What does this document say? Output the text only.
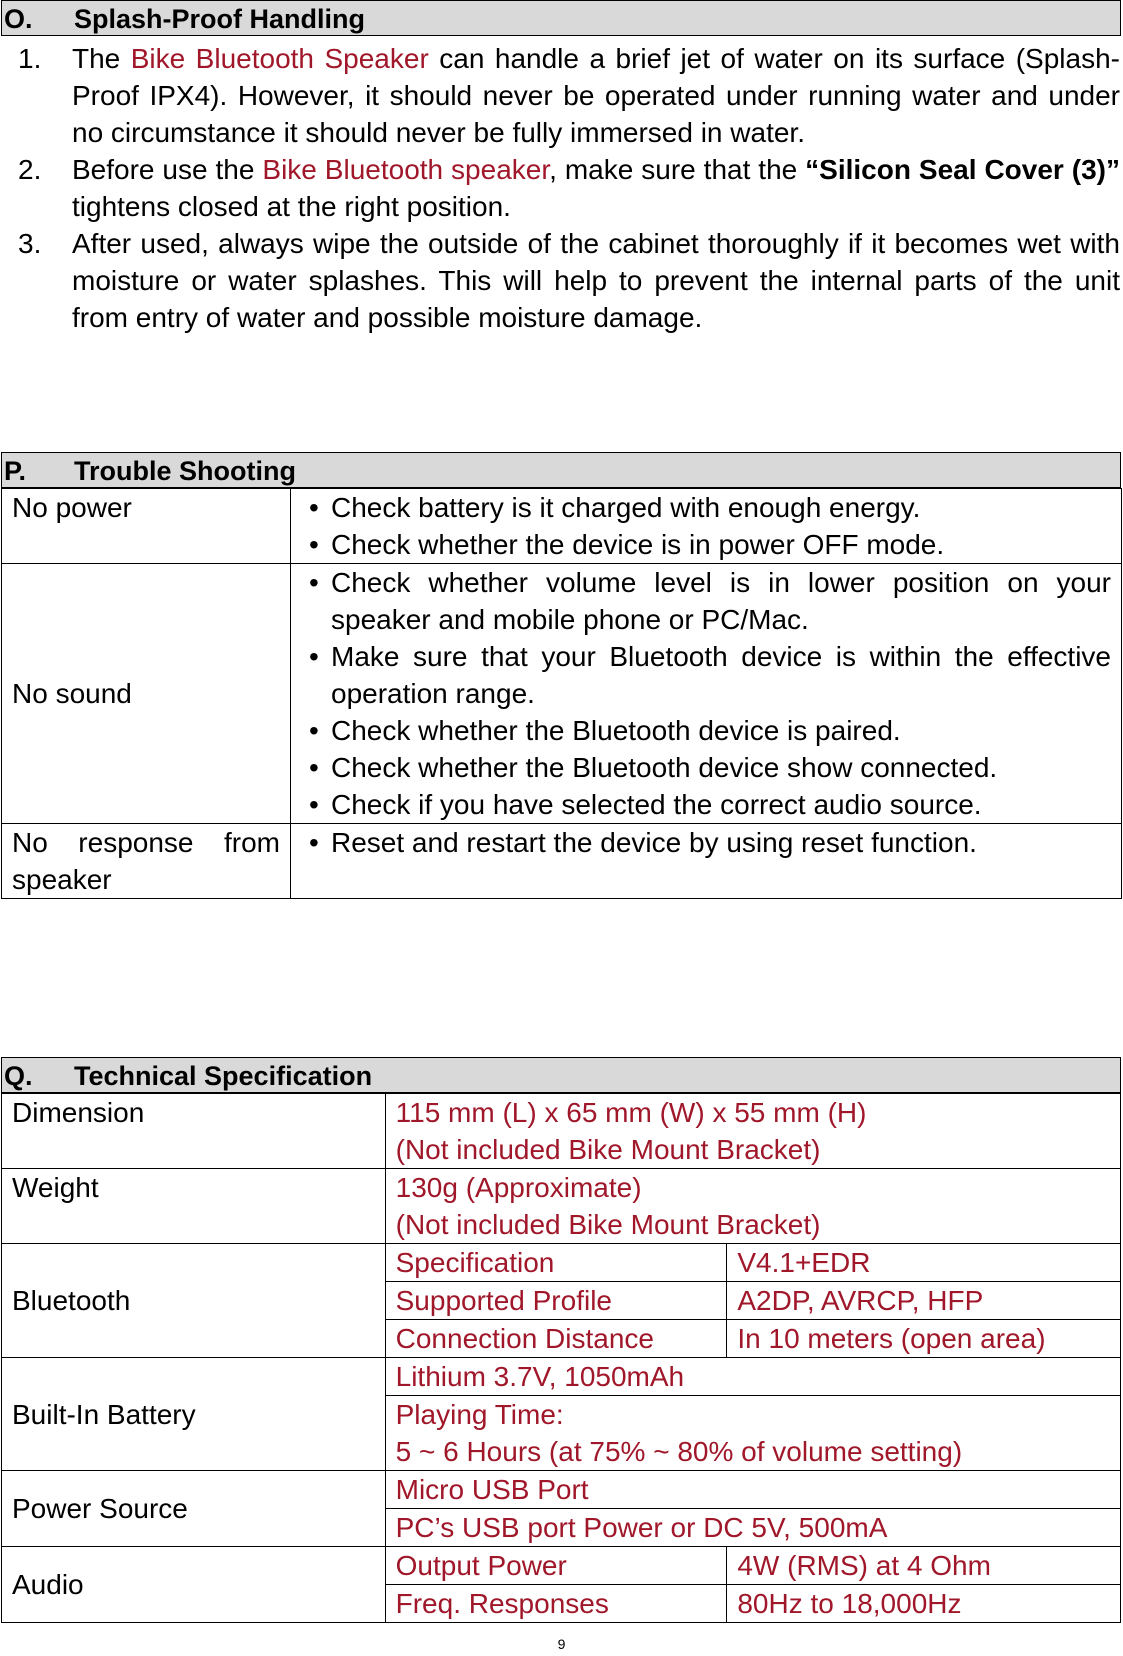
O. Splash-Proof Handling
1. The Bike Bluetooth Speaker can handle a brief jet of water on its surface (Splash-Proof IPX4). However, it should never be operated under running water and under no circumstance it should never be fully immersed in water.
2. Before use the Bike Bluetooth speaker, make sure that the “Silicon Seal Cover (3)” tightens closed at the right position.
3. After used, always wipe the outside of the cabinet thoroughly if it becomes wet with moisture or water splashes. This will help to prevent the internal parts of the unit from entry of water and possible moisture damage.
P. Trouble Shooting
No power	• Check battery is it charged with enough energy.
• Check whether the device is in power OFF mode.

No sound	• Check whether volume level is in lower position on your speaker and mobile phone or PC/Mac.
• Make sure that your Bluetooth device is within the effective operation range.
• Check whether the Bluetooth device is paired.
• Check whether the Bluetooth device show connected.
• Check if you have selected the correct audio source.

No response from speaker	• Reset and restart the device by using reset function.
Q. Technical Specification
Dimension	115 mm (L) x 65 mm (W) x 55 mm (H)
(Not included Bike Mount Bracket)	

Weight	130g (Approximate)
(Not included Bike Mount Bracket)	

Bluetooth	Specification	V4.1+EDR
	Supported Profile	A2DP, AVRCP, HFP
	Connection Distance	In 10 meters (open area)
Built-In Battery	Lithium 3.7V, 1050mAh	

	Playing Time:
5 ~ 6 Hours (at 75% ~ 80% of volume setting)	

Power Source	Micro USB Port	
	PC’s USB port Power or DC 5V, 500mA	
Audio	Output Power	4W (RMS) at 4 Ohm
	Freq. Responses	80Hz to 18,000Hz
9
